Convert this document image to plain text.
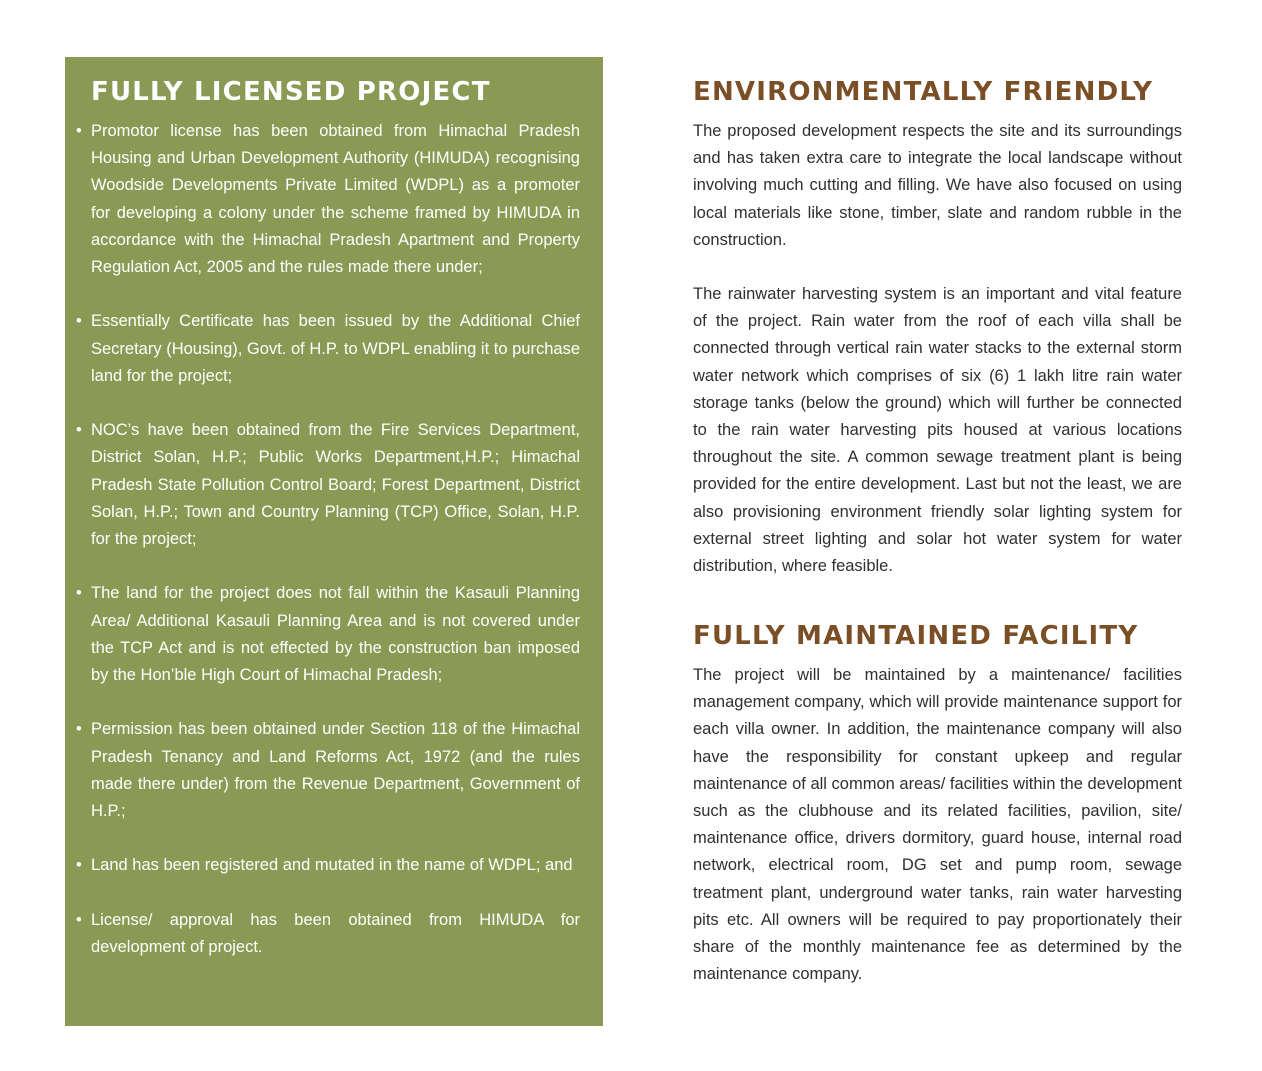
FULLY LICENSED PROJECT
• Promotor license has been obtained from Himachal Pradesh Housing and Urban Development Authority (HIMUDA) recognising Woodside Developments Private Limited (WDPL) as a promoter for developing a colony under the scheme framed by HIMUDA in accordance with the Himachal Pradesh Apartment and Property Regulation Act, 2005 and the rules made there under;
• Essentially Certificate has been issued by the Additional Chief Secretary (Housing), Govt. of H.P. to WDPL enabling it to purchase land for the project;
• NOC’s have been obtained from the Fire Services Department, District Solan, H.P.; Public Works Department,H.P.; Himachal Pradesh State Pollution Control Board; Forest Department, District Solan, H.P.; Town and Country Planning (TCP) Office, Solan, H.P. for the project;
• The land for the project does not fall within the Kasauli Planning Area/ Additional Kasauli Planning Area and is not covered under the TCP Act and is not effected by the construction ban imposed by the Hon’ble High Court of Himachal Pradesh;
• Permission has been obtained under Section 118 of the Himachal Pradesh Tenancy and Land Reforms Act, 1972 (and the rules made there under) from the Revenue Department, Government of H.P.;
• Land has been registered and mutated in the name of WDPL; and
• License/ approval has been obtained from HIMUDA for development of project.
ENVIRONMENTALLY FRIENDLY

The proposed development respects the site and its surroundings and has taken extra care to integrate the local landscape without involving much cutting and filling. We have also focused on using local materials like stone, timber, slate and random rubble in the construction.

The rainwater harvesting system is an important and vital feature of the project. Rain water from the roof of each villa shall be connected through vertical rain water stacks to the external storm water network which comprises of six (6) 1 lakh litre rain water storage tanks (below the ground) which will further be connected to the rain water harvesting pits housed at various locations throughout the site. A common sewage treatment plant is being provided for the entire development. Last but not the least, we are also provisioning environment friendly solar lighting system for external street lighting and solar hot water system for water distribution, where feasible.

FULLY MAINTAINED FACILITY

The project will be maintained by a maintenance/ facilities management company, which will provide maintenance support for each villa owner. In addition, the maintenance company will also have the responsibility for constant upkeep and regular maintenance of all common areas/ facilities within the development such as the clubhouse and its related facilities, pavilion, site/ maintenance office, drivers dormitory, guard house, internal road network, electrical room, DG set and pump room, sewage treatment plant, underground water tanks, rain water harvesting pits etc. All owners will be required to pay proportionately their share of the monthly maintenance fee as determined by the maintenance company.
